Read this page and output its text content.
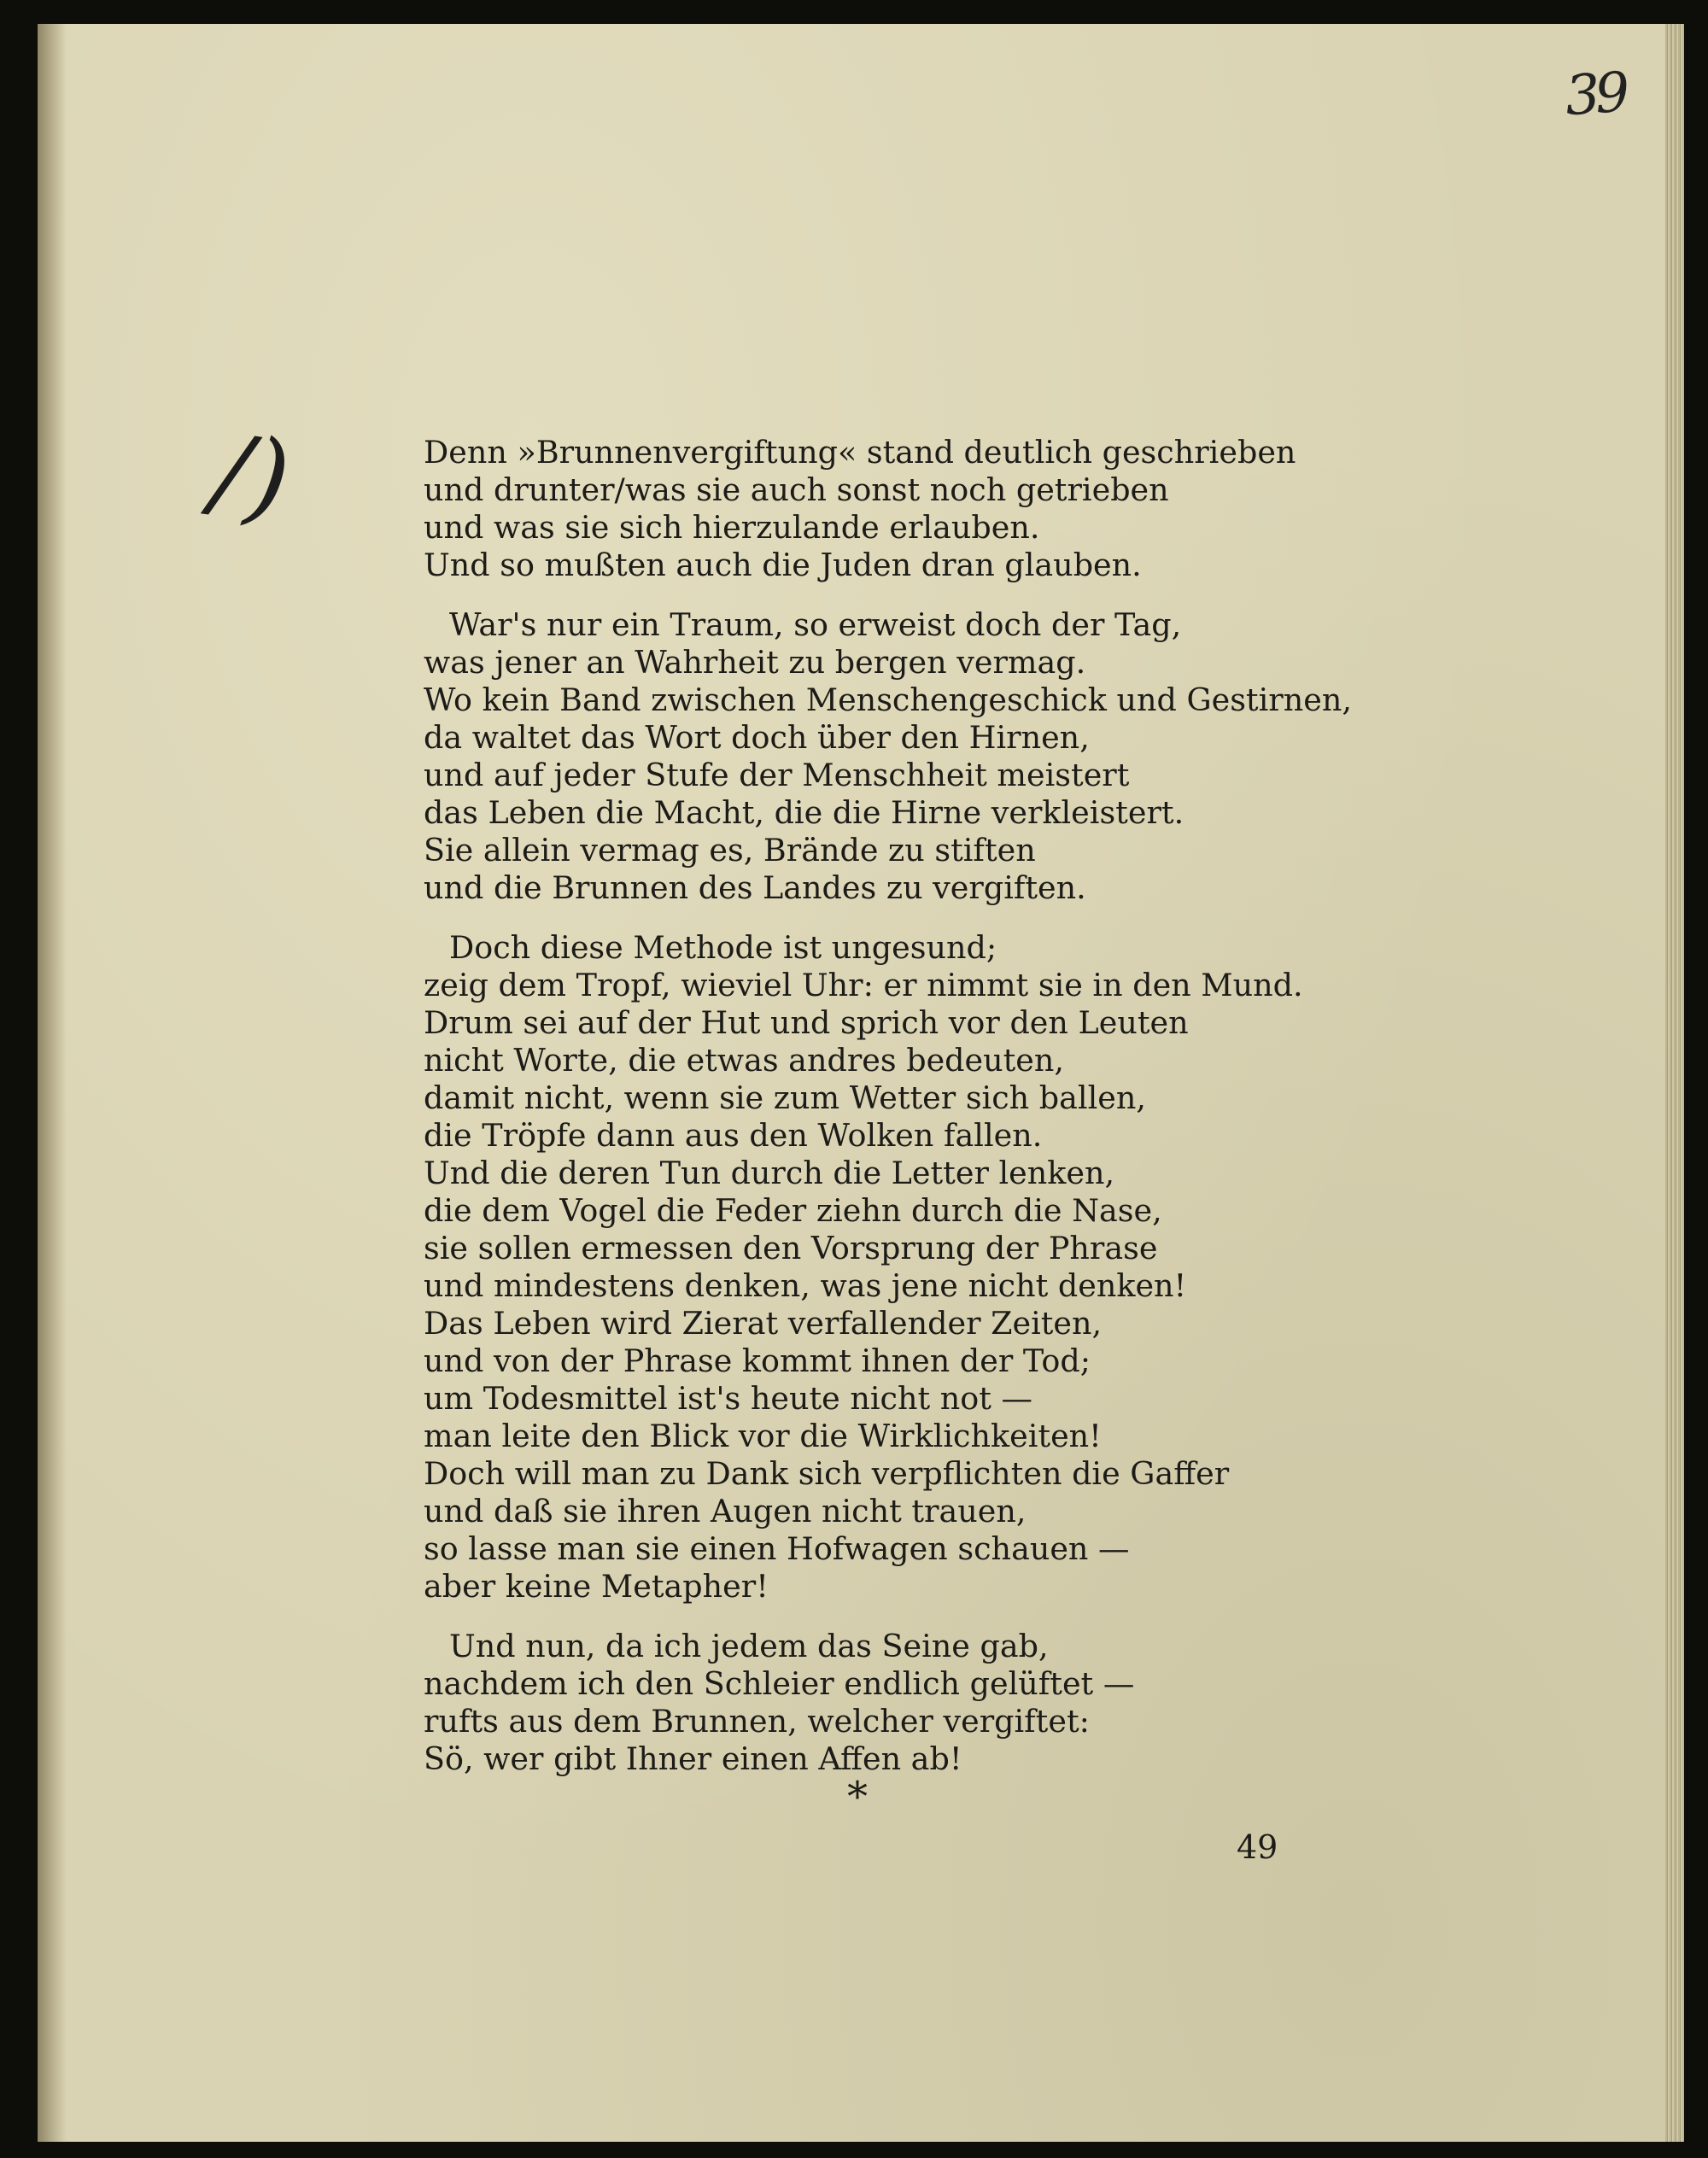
39
/)	Denn »Brunnenvergiftung« stand deutlich geschrieben
und drunter/was sie auch sonst noch getrieben
und was sie sich hierzulande erlauben.
Und so mußten auch die Juden dran glauben.
War's nur ein Traum, so erweist doch der Tag,
was jener an Wahrheit zu bergen vermag.
Wo kein Band zwischen Menschengeschick und Gestirnen,
da waltet das Wort doch über den Hirnen,
und auf jeder Stufe der Menschheit meistert
das Leben die Macht, die die Hirne verkleistert.
Sie allein vermag es, Brände zu stiften
und die Brunnen des Landes zu vergiften.
Doch diese Methode ist ungesund;
zeig dem Tropf, wieviel Uhr: er nimmt sie in den Mund.
Drum sei auf der Hut und sprich vor den Leuten
nicht Worte, die etwas andres bedeuten,
damit nicht, wenn sie zum Wetter sich ballen,
die Tröpfe dann aus den Wolken fallen.
Und die deren Tun durch die Letter lenken,
die dem Vogel die Feder ziehn durch die Nase,
sie sollen ermessen den Vorsprung der Phrase
und mindestens denken, was jene nicht denken!
Das Leben wird Zierat verfallender Zeiten,
und von der Phrase kommt ihnen der Tod;
um Todesmittel ist's heute nicht not —
man leite den Blick vor die Wirklichkeiten!
Doch will man zu Dank sich verpflichten die Gaffer
und daß sie ihren Augen nicht trauen,
so lasse man sie einen Hofwagen schauen —
aber keine Metapher!
Und nun, da ich jedem das Seine gab,
nachdem ich den Schleier endlich gelüftet —
rufts aus dem Brunnen, welcher vergiftet:
Sö, wer gibt Ihner einen Affen ab!
*
49
